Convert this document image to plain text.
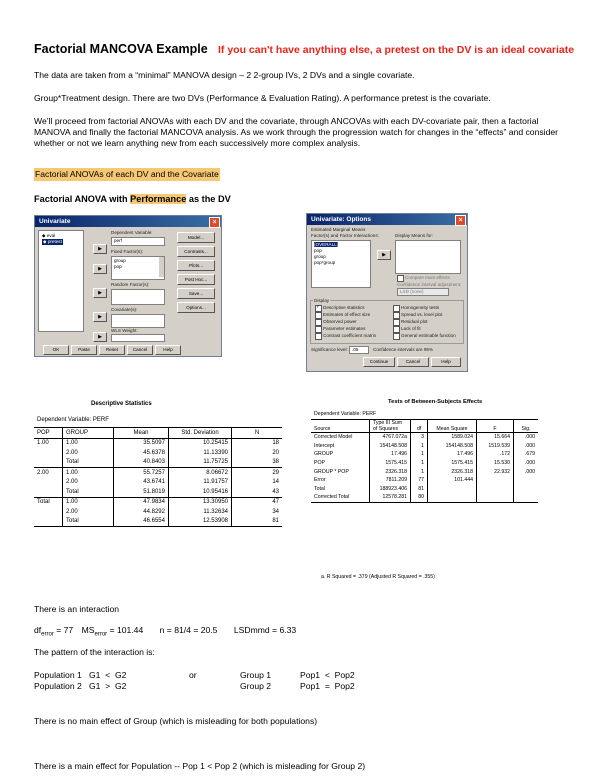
Factorial MANCOVA Example If you can't have anything else, a pretest on the DV is an ideal covariate
The data are taken from a “minimal” MANOVA design – 2 2-group IVs, 2 DVs and a single covariate.
Group*Treatment design. There are two DVs (Performance & Evaluation Rating). A performance pretest is the covariate.
We’ll proceed from factorial ANOVAs with each DV and the covariate, through ANCOVAs with each DV-covariate pair, then a factorial MANOVA and finally the factorial MANCOVA analysis. As we work through the progression watch for changes in the “effects” and consider whether or not we learn anything new from each successively more complex analysis.
Factorial ANOVAs of each DV and the Covariate
Factorial ANOVA with Performance as the DV
Univariate	×
◆ eval
◆ pretest
▶
▶
▶
▶
▶
Dependent Variable:
perf
Fixed Factor(s):
group
pop
Random Factor(s):
Covariate(s):
WLS Weight:
Model...
Contrasts...
Plots...
Post Hoc...
Save...
Options...
OK	Paste	Reset	Cancel	Help
Univariate: Options	×
Estimated Marginal Means
Factor(s) and Factor Interactions:
(OVERALL)
pop
group
pop*group
▶
Display Means for:
Compare main effects
Confidence interval adjustment:
LSD (none)
Display
✓ Descriptive statistics
Estimates of effect size
Observed power
Parameter estimates
Contrast coefficient matrix
Homogeneity tests
Spread vs. level plot
Residual plot
Lack of fit
General estimable function
Significance level: .05	Confidence intervals are 95%
Continue	Cancel	Help
Descriptive Statistics
Dependent Variable: PERF
POP	GROUP	Mean	Std. Deviation	N
1.00	1.00	35.5097	10.25415	18
	2.00	45.6378	11.13390	20
	Total	40.8403	11.75725	38
2.00	1.00	55.7257	8.06672	29
	2.00	43.6741	11.91757	14
	Total	51.8019	10.95416	43
Total	1.00	47.9834	13.30950	47
	2.00	44.8292	11.32634	34
	Total	46.6554	12.53908	81
Tests of Between-Subjects Effects
Dependent Variable: PERF
Source	Type III Sum of Squares	df	Mean Square	F	Sig.
Corrected Model	4767.072a	3	1589.024	15.664	.000
Intercept	154148.508	1	154148.508	1519.539	.000
GROUP	17.496	1	17.496	.172	.679
POP	1575.415	1	1575.415	15.530	.000
GROUP * POP	2326.318	1	2326.318	22.932	.000
Error	7811.209	77	101.444		
Total	188923.406	81			
Corrected Total	12578.281	80			
a. R Squared = .379 (Adjusted R Squared = .355)
There is an interaction
$df_{error} = 77$ $MS_{error} = 101.44$ n = 81/4 = 20.5 LSDmmd = 6.33
The pattern of the interaction is:
Population 1   G1  <  G2
Population 2   G1  >  G2
or	Group 1	Pop1  <  Pop2
Group 2	Pop1  =  Pop2
There is no main effect of Group (which is misleading for both populations)
There is a main effect for Population -- Pop 1 < Pop 2 (which is misleading for Group 2)
